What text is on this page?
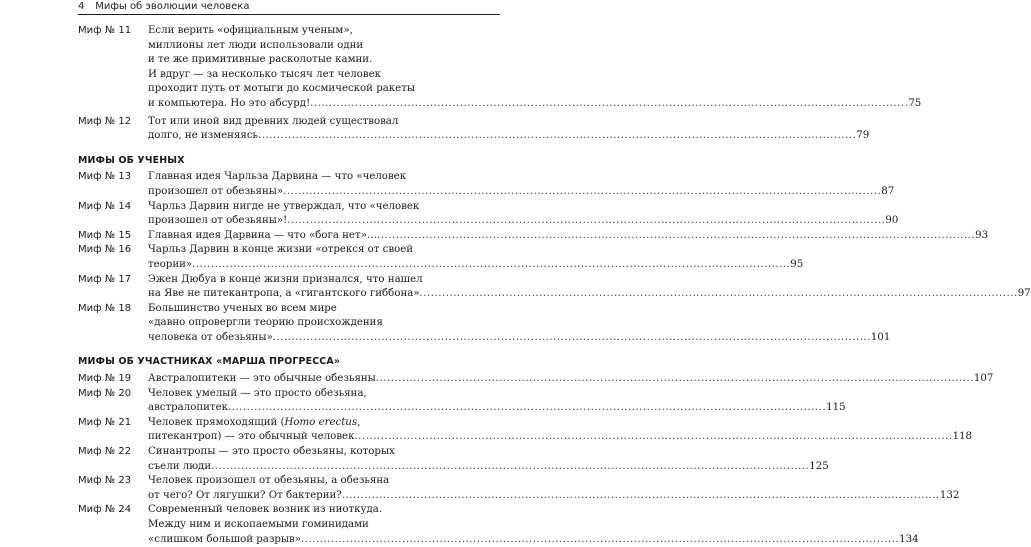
4 Мифы об эволюции человека
Миф № 11	Если верить «официальным ученым»,
миллионы лет люди использовали одни
и те же примитивные расколотые камни.
И вдруг — за несколько тысяч лет человек
проходит путь от мотыги до космической ракеты
и компьютера. Но это абсурд! .....	75
Миф № 12	Тот или иной вид древних людей существовал
долго, не изменяясь .....	79
МИФЫ ОБ УЧЕНЫХ
Миф № 13	Главная идея Чарльза Дарвина — что «человек
произошел от обезьяны» .....	87
Миф № 14	Чарльз Дарвин нигде не утверждал, что «человек
произошел от обезьяны»! .....	90
Миф № 15	Главная идея Дарвина — что «бога нет»… .....	93
Миф № 16	Чарльз Дарвин в конце жизни «отрекся от своей
теории» .....	95
Миф № 17	Эжен Дюбуа в конце жизни признался, что нашел
на Яве не питекантропа, а «гигантского гиббона» .....	97
Миф № 18	Большинство ученых во всем мире
«давно опровергли теорию происхождения
человека от обезьяны» .....	101
МИФЫ ОБ УЧАСТНИКАХ «МАРША ПРОГРЕССА»
Миф № 19	Австралопитеки — это обычные обезьяны .....	107
Миф № 20	Человек умелый — это просто обезьяна,
австралопитек .....	115
Миф № 21	Человек прямоходящий (Homo erectus,
питекантроп) — это обычный человек .....	118
Миф № 22	Синантропы — это просто обезьяны, которых
съели люди .....	125
Миф № 23	Человек произошел от обезьяны, а обезьяна
от чего? От лягушки? От бактерии? .....	132
Миф № 24	Современный человек возник из ниоткуда.
Между ним и ископаемыми гоминидами
«слишком большой разрыв» .....	134
